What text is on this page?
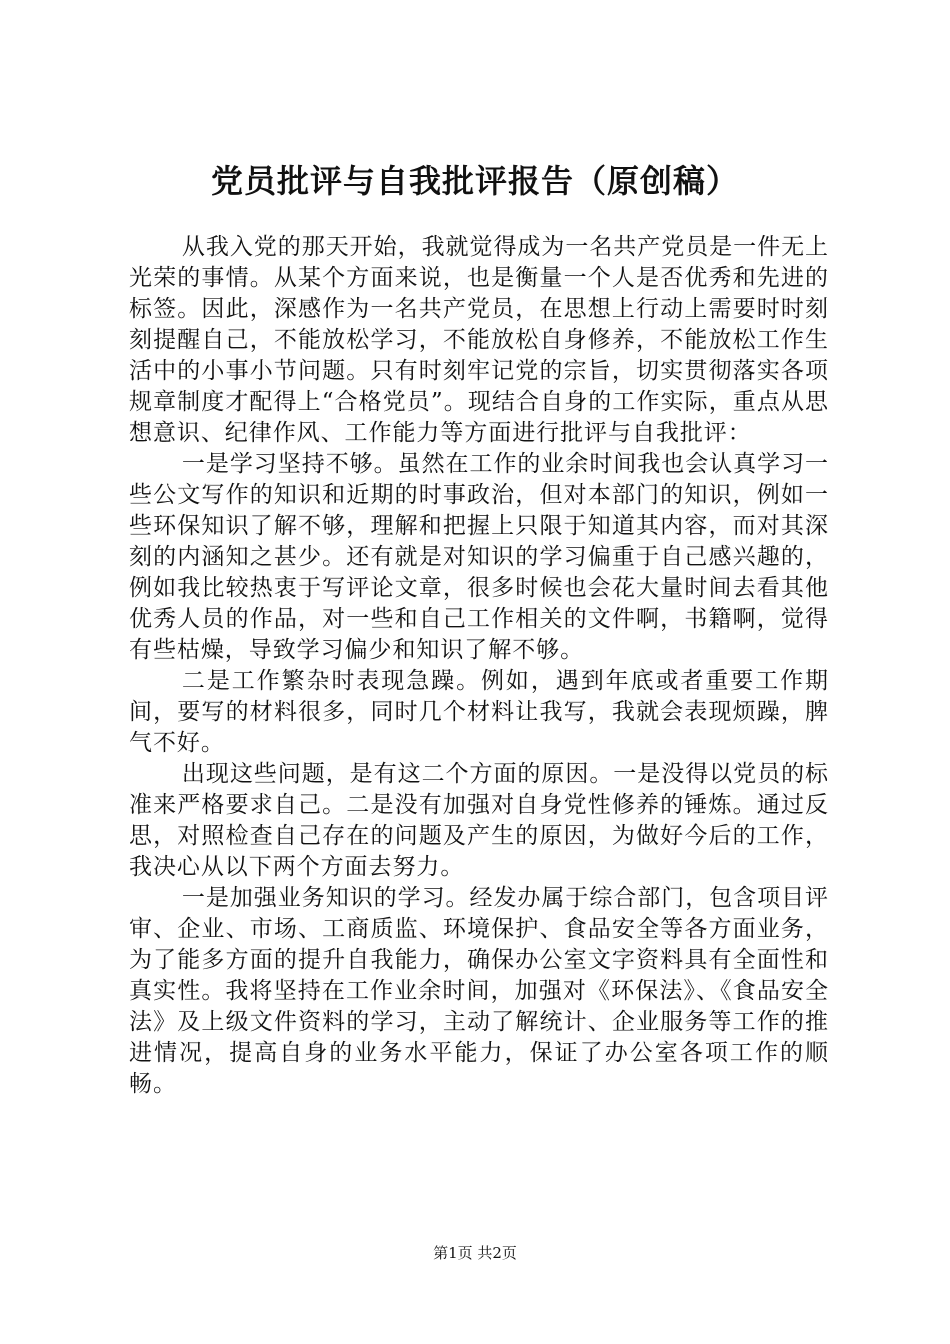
党员批评与自我批评报告（原创稿）

从我入党的那天开始，我就觉得成为一名共产党员是一件无上光荣的事情。从某个方面来说，也是衡量一个人是否优秀和先进的标签。因此，深感作为一名共产党员，在思想上行动上需要时时刻刻提醒自己，不能放松学习，不能放松自身修养，不能放松工作生活中的小事小节问题。只有时刻牢记党的宗旨，切实贯彻落实各项规章制度才配得上“合格党员”。现结合自身的工作实际，重点从思想意识、纪律作风、工作能力等方面进行批评与自我批评：

一是学习坚持不够。虽然在工作的业余时间我也会认真学习一些公文写作的知识和近期的时事政治，但对本部门的知识，例如一些环保知识了解不够，理解和把握上只限于知道其内容，而对其深刻的内涵知之甚少。还有就是对知识的学习偏重于自己感兴趣的，例如我比较热衷于写评论文章，很多时候也会花大量时间去看其他优秀人员的作品，对一些和自己工作相关的文件啊，书籍啊，觉得有些枯燥，导致学习偏少和知识了解不够。

二是工作繁杂时表现急躁。例如，遇到年底或者重要工作期间，要写的材料很多，同时几个材料让我写，我就会表现烦躁，脾气不好。

出现这些问题，是有这二个方面的原因。一是没得以党员的标准来严格要求自己。二是没有加强对自身党性修养的锤炼。通过反思，对照检查自己存在的问题及产生的原因，为做好今后的工作，我决心从以下两个方面去努力。

一是加强业务知识的学习。经发办属于综合部门，包含项目评审、企业、市场、工商质监、环境保护、食品安全等各方面业务，为了能多方面的提升自我能力，确保办公室文字资料具有全面性和真实性。我将坚持在工作业余时间，加强对《环保法》、《食品安全法》及上级文件资料的学习，主动了解统计、企业服务等工作的推进情况，提高自身的业务水平能力，保证了办公室各项工作的顺畅。

第1页 共2页
